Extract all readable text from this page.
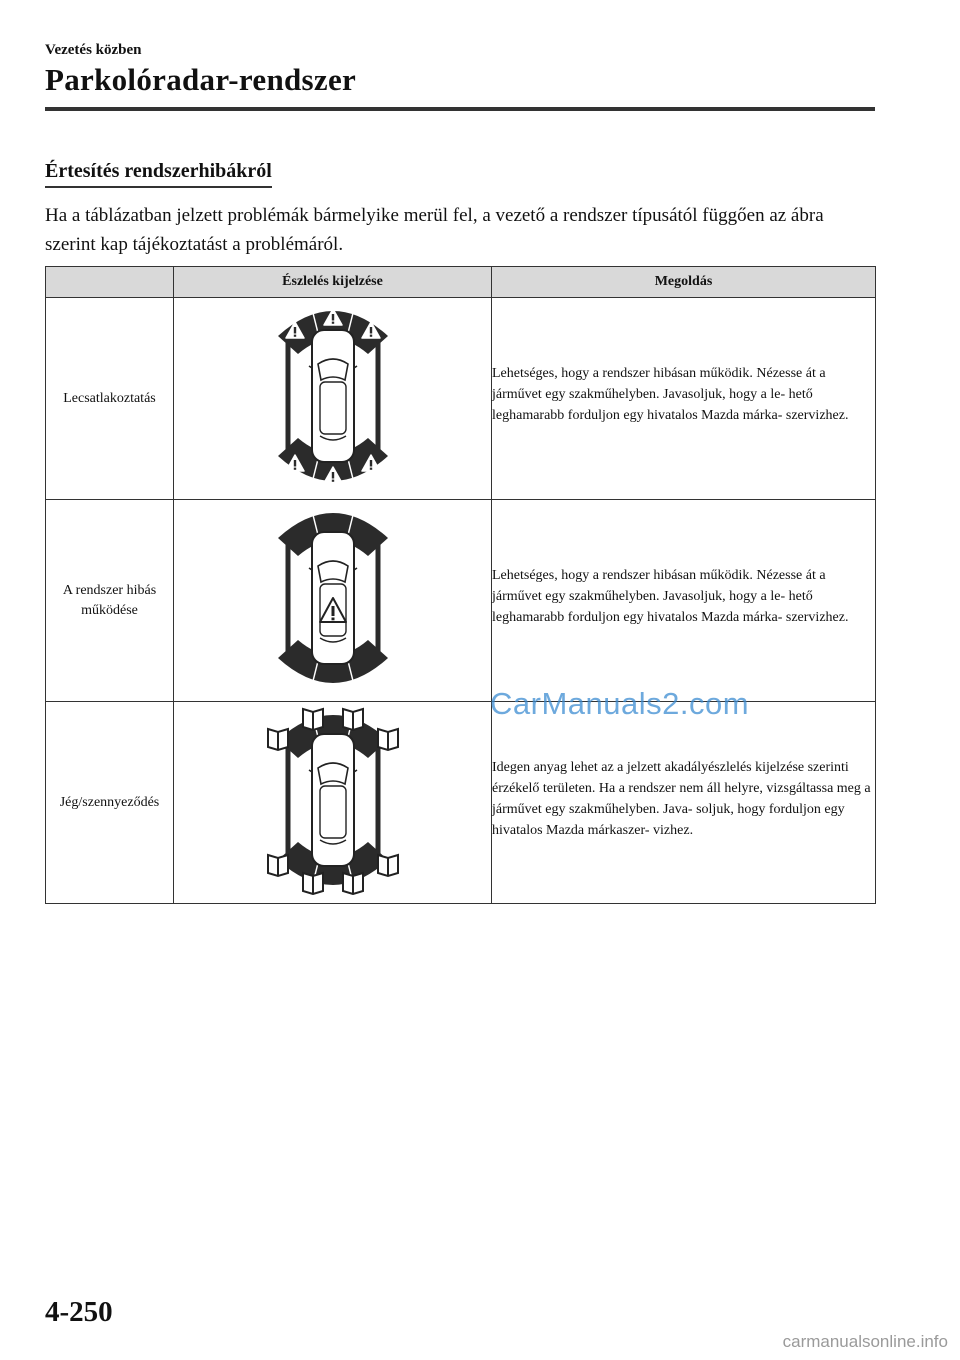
Vezetés közben
Parkolóradar-rendszer
Értesítés rendszerhibákról
Ha a táblázatban jelzett problémák bármelyike merül fel, a vezető a rendszer típusától függően az ábra szerint kap tájékoztatást a problémáról.
	Észlelés kijelzése	Megoldás
Lecsatlakoztatás		Lehetséges, hogy a rendszer hibásan működik. Nézesse át a járművet egy szakműhelyben. Javasoljuk, hogy a le- hető leghamarabb forduljon egy hivatalos Mazda márka- szervizhez.

A rendszer hibás működése		Lehetséges, hogy a rendszer hibásan működik. Nézesse át a járművet egy szakműhelyben. Javasoljuk, hogy a le- hető leghamarabb forduljon egy hivatalos Mazda márka- szervizhez.

Jég/szennyeződés		Idegen anyag lehet az a jelzett akadályészlelés kijelzése szerinti érzékelő területen. Ha a rendszer nem áll helyre, vizsgáltassa meg a járművet egy szakműhelyben. Java- soljuk, hogy forduljon egy hivatalos Mazda márkaszer- vizhez.
CarManuals2.com
4-250
carmanualsonline.info
